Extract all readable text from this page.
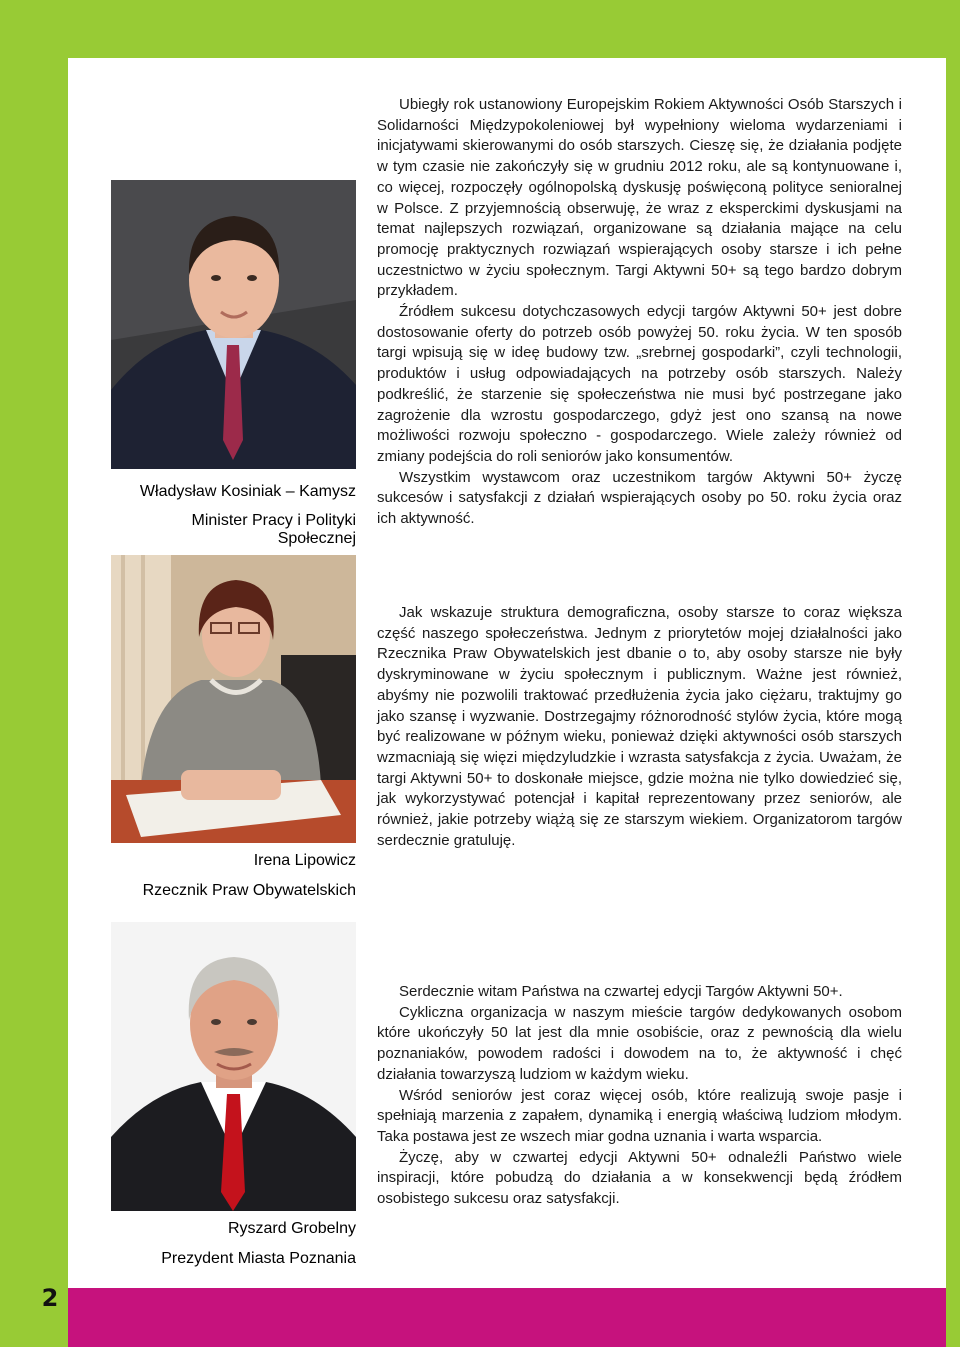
2
Władysław Kosiniak – Kamysz
Minister Pracy i Polityki Społecznej

Ubiegły rok ustanowiony Europejskim Rokiem Aktywności Osób Starszych i Solidarności Międzypokoleniowej był wypełniony wieloma wydarzeniami i inicjatywami skierowanymi do osób starszych. Cieszę się, że działania podjęte w tym czasie nie zakończyły się w grudniu 2012 roku, ale są kontynuowane i, co więcej, rozpoczęły ogólnopolską dyskusję poświęconą polityce senioralnej w Polsce. Z przyjemnością obserwuję, że wraz z eksperckimi dyskusjami na temat najlepszych rozwiązań, organizowane są działania mające na celu promocję praktycznych rozwiązań wspierających osoby starsze i ich pełne uczestnictwo w życiu społecznym. Targi Aktywni 50+ są tego bardzo dobrym przykładem.

Źródłem sukcesu dotychczasowych edycji targów Aktywni 50+ jest dobre dostosowanie oferty do potrzeb osób powyżej 50. roku życia. W ten sposób targi wpisują się w ideę budowy tzw. „srebrnej gospodarki”, czyli technologii, produktów i usług odpowiadających na potrzeby osób starszych. Należy podkreślić, że starzenie się społeczeństwa nie musi być postrzegane jako zagrożenie dla wzrostu gospodarczego, gdyż jest ono szansą na nowe możliwości rozwoju społeczno - gospodarczego. Wiele zależy również od zmiany podejścia do roli seniorów jako konsumentów.

Wszystkim wystawcom oraz uczestnikom targów Aktywni 50+ życzę sukcesów i satysfakcji z działań wspierających osoby po 50. roku życia oraz ich aktywność.

Irena Lipowicz
Rzecznik Praw Obywatelskich

Jak wskazuje struktura demograficzna, osoby starsze to coraz większa część naszego społeczeństwa. Jednym z priorytetów mojej działalności jako Rzecznika Praw Obywatelskich jest dbanie o to, aby osoby starsze nie były dyskryminowane w życiu społecznym i publicznym. Ważne jest również, abyśmy nie pozwolili traktować przedłużenia życia jako ciężaru, traktujmy go jako szansę i wyzwanie. Dostrzegajmy różnorodność stylów życia, które mogą być realizowane w późnym wieku, ponieważ dzięki aktywności osób starszych wzmacniają się więzi międzyludzkie i wzrasta satysfakcja z życia. Uważam, że targi Aktywni 50+ to doskonałe miejsce, gdzie można nie tylko dowiedzieć się, jak wykorzystywać potencjał i kapitał reprezentowany przez seniorów, ale również, jakie potrzeby wiążą się ze starszym wiekiem. Organizatorom targów serdecznie gratuluję.

Ryszard Grobelny
Prezydent Miasta Poznania

Serdecznie witam Państwa na czwartej edycji Targów Aktywni 50+.

Cykliczna organizacja w naszym mieście targów dedykowanych osobom które ukończyły 50 lat jest dla mnie osobiście, oraz z pewnością dla wielu poznaniaków, powodem radości i dowodem na to, że aktywność i chęć działania towarzyszą ludziom w każdym wieku.

Wśród seniorów jest coraz więcej osób, które realizują swoje pasje i spełniają marzenia z zapałem, dynamiką i energią właściwą ludziom młodym. Taka postawa jest ze wszech miar godna uznania i warta wsparcia.

Życzę, aby w czwartej edycji Aktywni 50+ odnaleźli Państwo wiele inspiracji, które pobudzą do działania a w konsekwencji będą źródłem osobistego sukcesu oraz satysfakcji.
